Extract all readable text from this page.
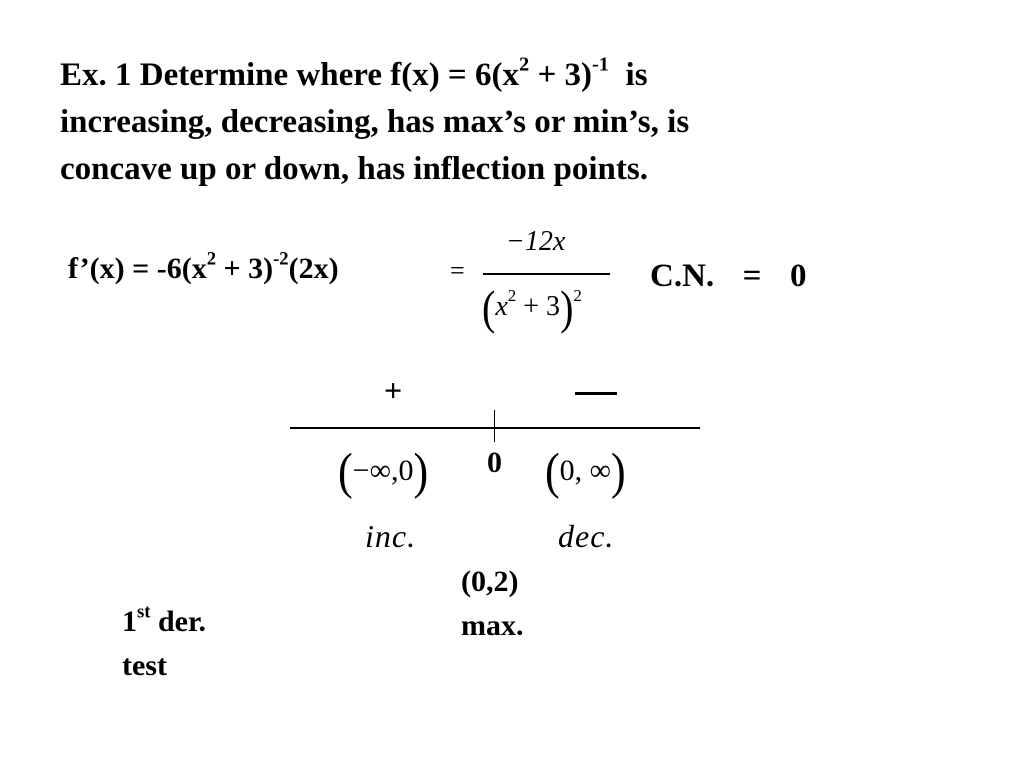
Ex. 1 Determine where $f(x) = 6(x^2 + 3)^{-1}$  is
increasing, decreasing, has max’s or min’s, is
concave up or down, has inflection points.
f’(x) = $-6(x^2 + 3)^{-2}(2x)$	=
−12x
$(x^2 + 3)^2$
C.N.  =  0
+
(−∞,0) 0 (0, ∞)
inc.	dec.
(0,2)
max.
1st der.
test
